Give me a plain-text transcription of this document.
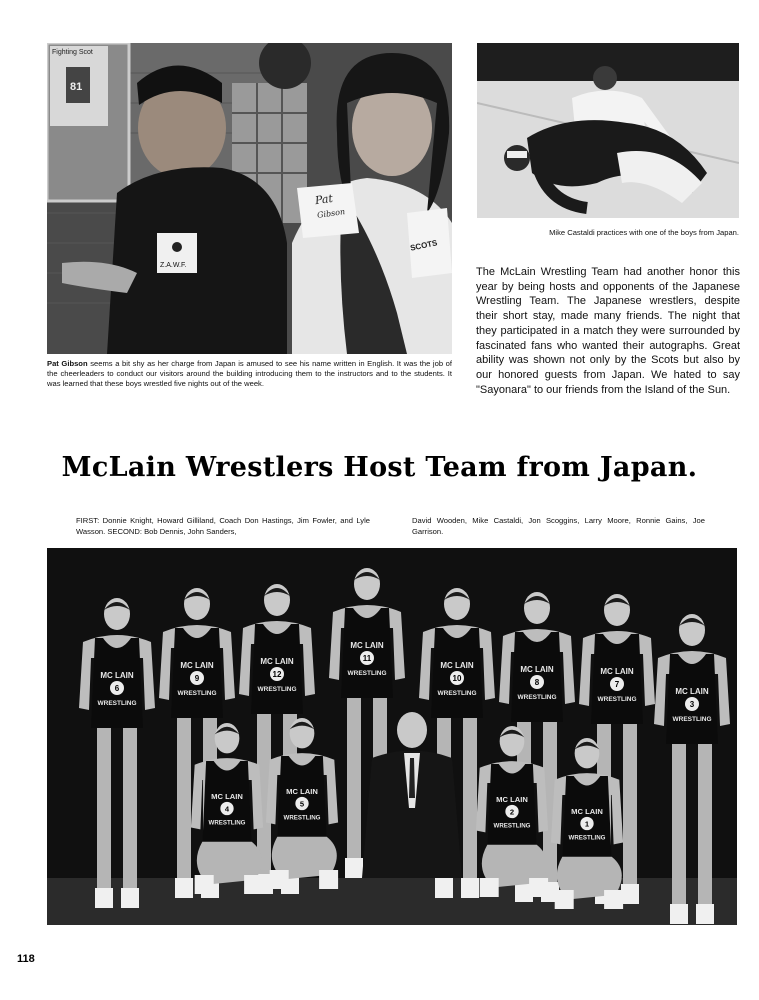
Fighting Scot
81
Z.A.W.F.
Pat
Gibson
SCOTS

Pat Gibson seems a bit shy as her charge from Japan is amused to see his name written in English. It was the job of the cheerleaders to conduct our visitors around the building introducing them to the instructors and to the students. It was learned that these boys wrestled five nights out of the week.

Mike Castaldi practices with one of the boys from Japan.

The McLain Wrestling Team had another honor this year by being hosts and opponents of the Japanese Wrestling Team. The Japanese wrestlers, despite their short stay, made many friends. The night that they participated in a match they were surrounded by fascinated fans who wanted their autographs. Great ability was shown not only by the Scots but also by our honored guests from Japan. We hated to say "Sayonara" to our friends from the Island of the Sun.

McLain Wrestlers Host Team from Japan.

FIRST: Donnie Knight, Howard Gilliland, Coach Don Hastings, Jim Fowler, and Lyle Wasson. SECOND: Bob Dennis, John Sanders,

David Wooden, Mike Castaldi, Jon Scoggins, Larry Moore, Ronnie Gains, Joe Garrison.

6
MC LAIN
WRESTLING
9
MC LAIN
WRESTLING
12
MC LAIN
WRESTLING
11
MC LAIN
WRESTLING
10
MC LAIN
WRESTLING
8
MC LAIN
WRESTLING
7
MC LAIN
WRESTLING
3
MC LAIN
WRESTLING
4
MC LAIN
WRESTLING
5
MC LAIN
WRESTLING
2
MC LAIN
WRESTLING	1
MC LAIN
WRESTLING

118
